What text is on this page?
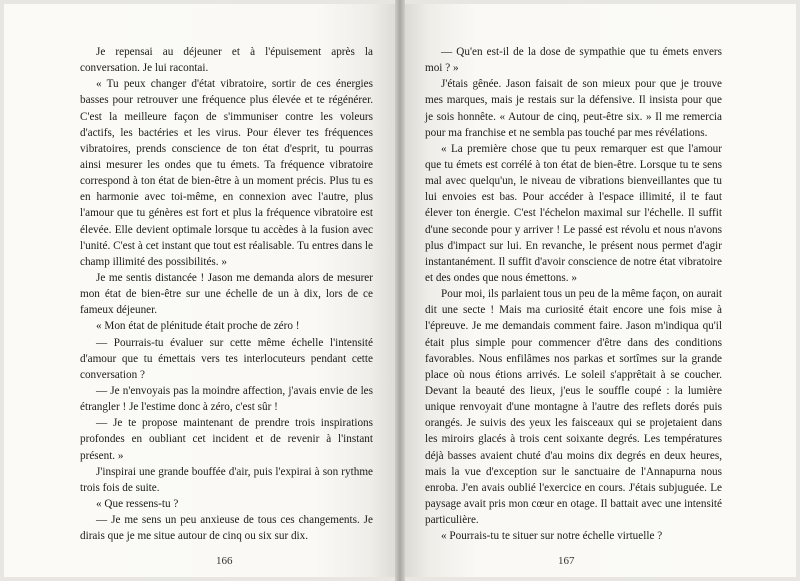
Je repensai au déjeuner et à l'épuisement après la conversation. Je lui racontai.

« Tu peux changer d'état vibratoire, sortir de ces énergies basses pour retrouver une fréquence plus élevée et te régénérer. C'est la meilleure façon de s'immuniser contre les voleurs d'actifs, les bactéries et les virus. Pour élever tes fréquences vibratoires, prends conscience de ton état d'esprit, tu pourras ainsi mesurer les ondes que tu émets. Ta fréquence vibratoire correspond à ton état de bien-être à un moment précis. Plus tu es en harmonie avec toi-même, en connexion avec l'autre, plus l'amour que tu génères est fort et plus la fréquence vibratoire est élevée. Elle devient optimale lorsque tu accèdes à la fusion avec l'unité. C'est à cet instant que tout est réalisable. Tu entres dans le champ illimité des possibilités. »

Je me sentis distancée ! Jason me demanda alors de mesurer mon état de bien-être sur une échelle de un à dix, lors de ce fameux déjeuner.

« Mon état de plénitude était proche de zéro !

— Pourrais-tu évaluer sur cette même échelle l'intensité d'amour que tu émettais vers tes interlocuteurs pendant cette conversation ?

— Je n'envoyais pas la moindre affection, j'avais envie de les étrangler ! Je l'estime donc à zéro, c'est sûr !

— Je te propose maintenant de prendre trois inspirations profondes en oubliant cet incident et de revenir à l'instant présent. »

J'inspirai une grande bouffée d'air, puis l'expirai à son rythme trois fois de suite.

« Que ressens-tu ?

— Je me sens un peu anxieuse de tous ces changements. Je dirais que je me situe autour de cinq ou six sur dix.

166

— Qu'en est-il de la dose de sympathie que tu émets envers moi ? »

J'étais gênée. Jason faisait de son mieux pour que je trouve mes marques, mais je restais sur la défensive. Il insista pour que je sois honnête. « Autour de cinq, peut-être six. » Il me remercia pour ma franchise et ne sembla pas touché par mes révélations.

« La première chose que tu peux remarquer est que l'amour que tu émets est corrélé à ton état de bien-être. Lorsque tu te sens mal avec quelqu'un, le niveau de vibrations bienveillantes que tu lui envoies est bas. Pour accéder à l'espace illimité, il te faut élever ton énergie. C'est l'échelon maximal sur l'échelle. Il suffit d'une seconde pour y arriver ! Le passé est révolu et nous n'avons plus d'impact sur lui. En revanche, le présent nous permet d'agir instantanément. Il suffit d'avoir conscience de notre état vibratoire et des ondes que nous émettons. »

Pour moi, ils parlaient tous un peu de la même façon, on aurait dit une secte ! Mais ma curiosité était encore une fois mise à l'épreuve. Je me demandais comment faire. Jason m'indiqua qu'il était plus simple pour commencer d'être dans des conditions favorables. Nous enfilâmes nos parkas et sortîmes sur la grande place où nous étions arrivés. Le soleil s'apprêtait à se coucher. Devant la beauté des lieux, j'eus le souffle coupé : la lumière unique renvoyait d'une montagne à l'autre des reflets dorés puis orangés. Je suivis des yeux les faisceaux qui se projetaient dans les miroirs glacés à trois cent soixante degrés. Les températures déjà basses avaient chuté d'au moins dix degrés en deux heures, mais la vue d'exception sur le sanctuaire de l'Annapurna nous enroba. J'en avais oublié l'exercice en cours. J'étais subjuguée. Le paysage avait pris mon cœur en otage. Il battait avec une intensité particulière.

« Pourrais-tu te situer sur notre échelle virtuelle ?

167
